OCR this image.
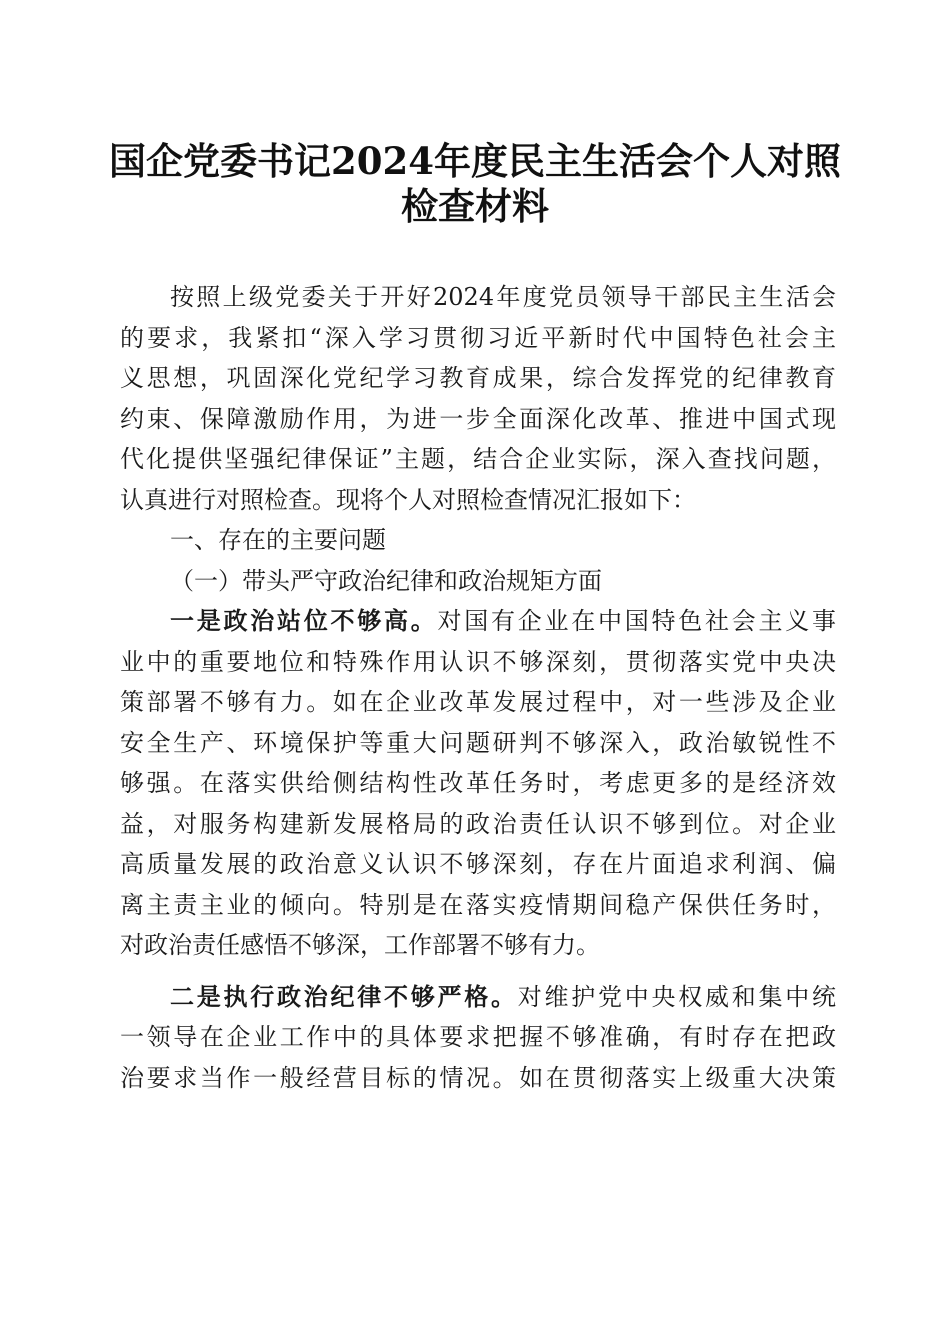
国企党委书记2024年度民主生活会个人对照
检查材料
按照上级党委关于开好2024年度党员领导干部民主生活会
的要求，我紧扣“深入学习贯彻习近平新时代中国特色社会主
义思想，巩固深化党纪学习教育成果，综合发挥党的纪律教育
约束、保障激励作用，为进一步全面深化改革、推进中国式现
代化提供坚强纪律保证”主题，结合企业实际，深入查找问题，
认真进行对照检查。现将个人对照检查情况汇报如下：
一、存在的主要问题
（一）带头严守政治纪律和政治规矩方面
一是政治站位不够高。对国有企业在中国特色社会主义事
业中的重要地位和特殊作用认识不够深刻，贯彻落实党中央决
策部署不够有力。如在企业改革发展过程中，对一些涉及企业
安全生产、环境保护等重大问题研判不够深入，政治敏锐性不
够强。在落实供给侧结构性改革任务时，考虑更多的是经济效
益，对服务构建新发展格局的政治责任认识不够到位。对企业
高质量发展的政治意义认识不够深刻，存在片面追求利润、偏
离主责主业的倾向。特别是在落实疫情期间稳产保供任务时，
对政治责任感悟不够深，工作部署不够有力。
二是执行政治纪律不够严格。对维护党中央权威和集中统
一领导在企业工作中的具体要求把握不够准确，有时存在把政
治要求当作一般经营目标的情况。如在贯彻落实上级重大决策
